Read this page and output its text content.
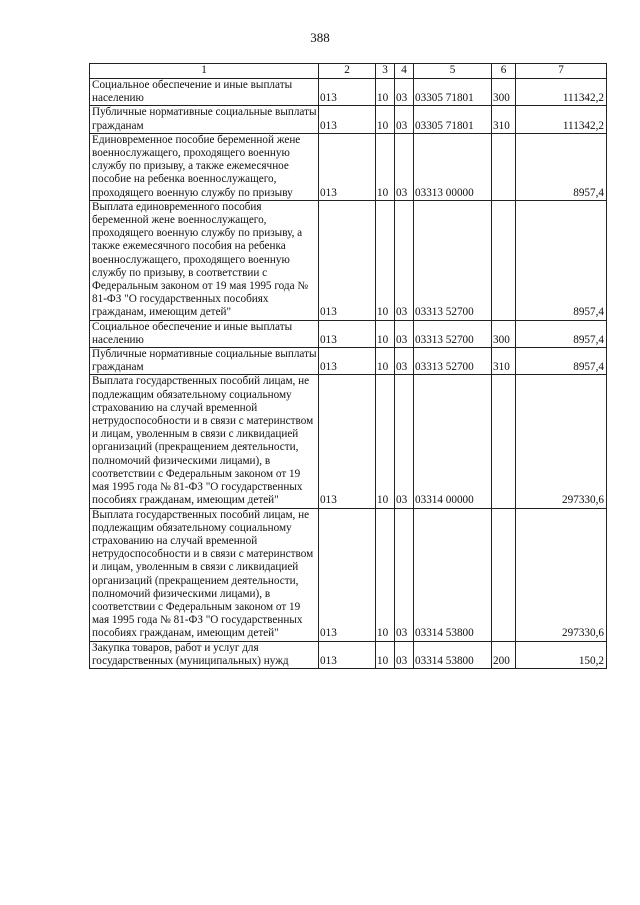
388
1	2	3	4	5	6	7
Социальное обеспечение и иные выплаты населению	013	10	03	03305 71801	300	111342,2
Публичные нормативные социальные выплаты гражданам	013	10	03	03305 71801	310	111342,2
Единовременное пособие беременной жене военнослужащего, проходящего военную службу по призыву, а также ежемесячное пособие на ребенка военнослужащего, проходящего военную службу по призыву	013	10	03	03313 00000		8957,4
Выплата единовременного пособия беременной жене военнослужащего, проходящего военную службу по призыву, а также ежемесячного пособия на ребенка военнослужащего, проходящего военную службу по призыву, в соответствии с Федеральным законом от 19 мая 1995 года № 81-ФЗ "О государственных пособиях гражданам, имеющим детей"	013	10	03	03313 52700		8957,4
Социальное обеспечение и иные выплаты населению	013	10	03	03313 52700	300	8957,4
Публичные нормативные социальные выплаты гражданам	013	10	03	03313 52700	310	8957,4
Выплата государственных пособий лицам, не подлежащим обязательному социальному страхованию на случай временной нетрудоспособности и в связи с материнством и лицам, уволенным в связи с ликвидацией организаций (прекращением деятельности, полномочий физическими лицами), в соответствии с Федеральным законом от 19 мая 1995 года № 81-ФЗ "О государственных пособиях гражданам, имеющим детей"	013	10	03	03314 00000		297330,6
Выплата государственных пособий лицам, не подлежащим обязательному социальному страхованию на случай временной нетрудоспособности и в связи с материнством и лицам, уволенным в связи с ликвидацией организаций (прекращением деятельности, полномочий физическими лицами), в соответствии с Федеральным законом от 19 мая 1995 года № 81-ФЗ "О государственных пособиях гражданам, имеющим детей"	013	10	03	03314 53800		297330,6
Закупка товаров, работ и услуг для государственных (муниципальных) нужд	013	10	03	03314 53800	200	150,2
